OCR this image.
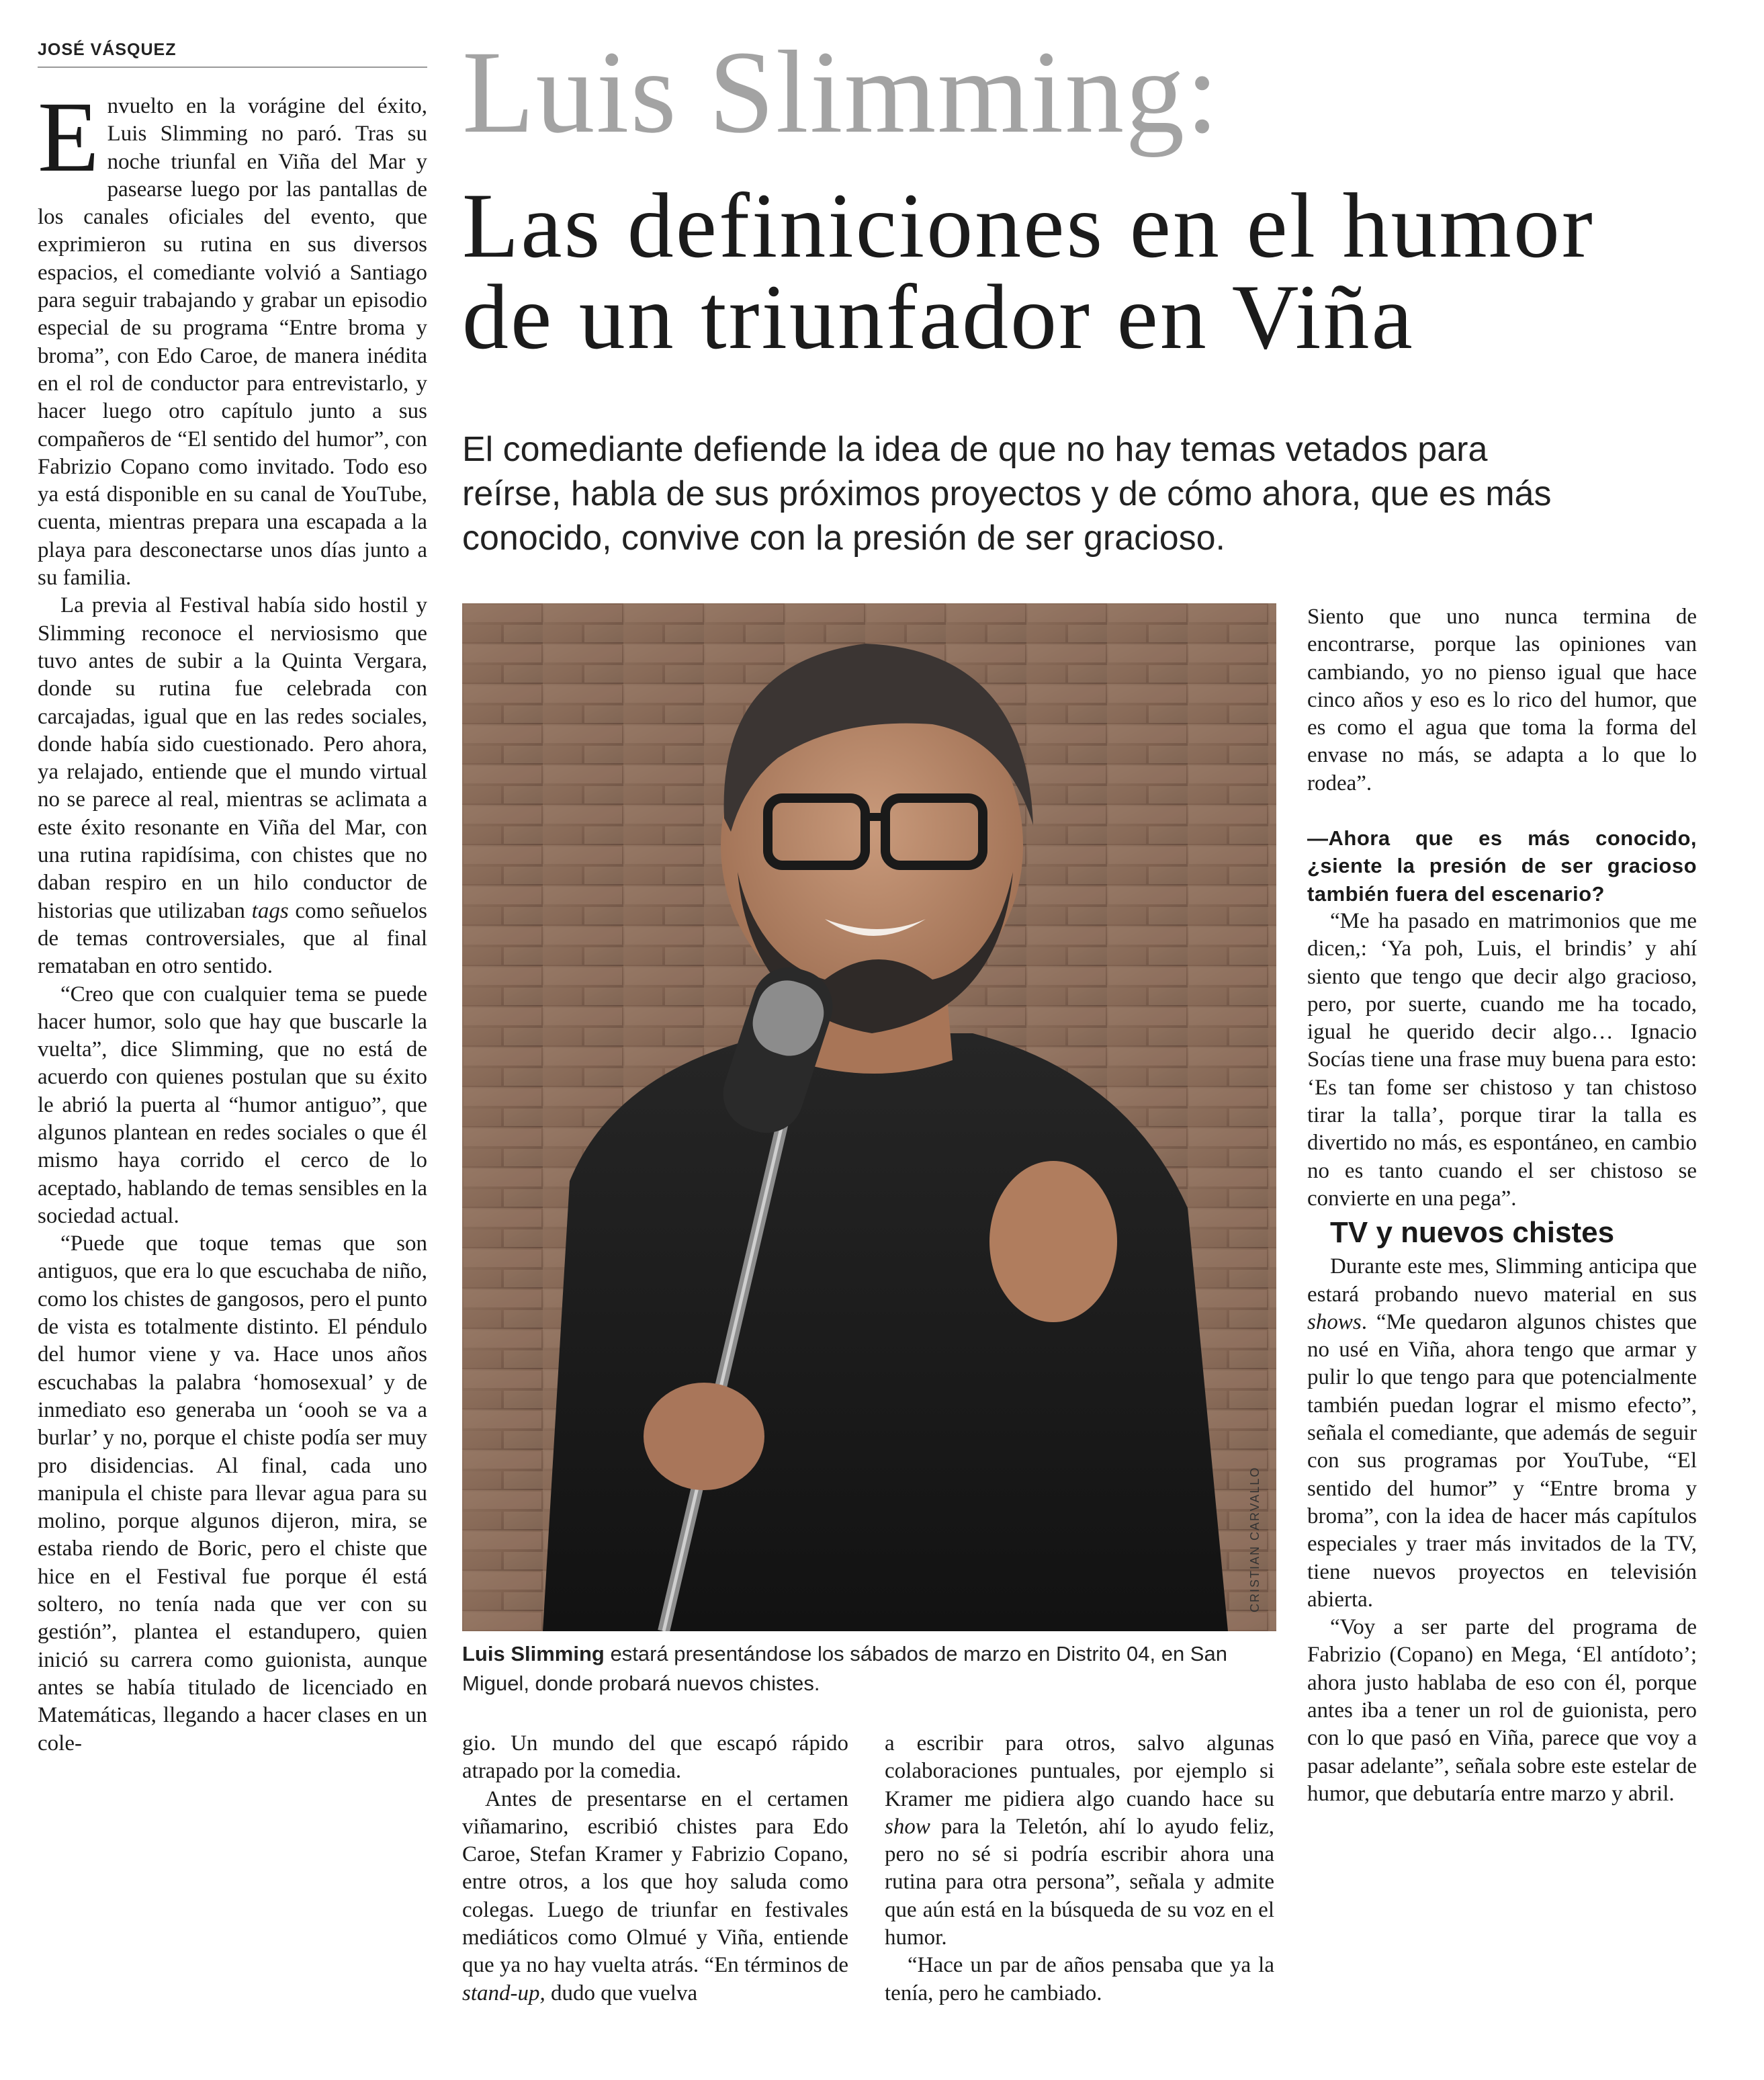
JOSÉ VÁSQUEZ	Luis Slimming:
Las definiciones en el humor
de un triunfador en Viña
El comediante defiende la idea de que no hay temas vetados para
reírse, habla de sus próximos proyectos y de cómo ahora, que es más
conocido, convive con la presión de ser gracioso.

Envuelto en la vorágine del éxito, Luis Slimming no paró. Tras su noche triunfal en Viña del Mar y pasearse luego por las pantallas de los canales oficiales del evento, que exprimieron su rutina en sus diversos espacios, el comediante volvió a Santiago para seguir trabajando y grabar un episodio especial de su programa “Entre broma y broma”, con Edo Caroe, de manera inédita en el rol de conductor para entrevistarlo, y hacer luego otro capítulo junto a sus compañeros de “El sentido del humor”, con Fabrizio Copano como invitado. Todo eso ya está disponible en su canal de YouTube, cuenta, mientras prepara una escapada a la playa para desconectarse unos días junto a su familia.

La previa al Festival había sido hostil y Slimming reconoce el nerviosismo que tuvo antes de subir a la Quinta Vergara, donde su rutina fue celebrada con carcajadas, igual que en las redes sociales, donde había sido cuestionado. Pero ahora, ya relajado, entiende que el mundo virtual no se parece al real, mientras se aclimata a este éxito resonante en Viña del Mar, con una rutina rapidísima, con chistes que no daban respiro en un hilo conductor de historias que utilizaban tags como señuelos de temas controversiales, que al final remataban en otro sentido.

“Creo que con cualquier tema se puede hacer humor, solo que hay que buscarle la vuelta”, dice Slimming, que no está de acuerdo con quienes postulan que su éxito le abrió la puerta al “humor antiguo”, que algunos plantean en redes sociales o que él mismo haya corrido el cerco de lo aceptado, hablando de temas sensibles en la sociedad actual.

“Puede que toque temas que son antiguos, que era lo que escuchaba de niño, como los chistes de gangosos, pero el punto de vista es totalmente distinto. El péndulo del humor viene y va. Hace unos años escuchabas la palabra ‘homosexual’ y de inmediato eso generaba un ‘oooh se va a burlar’ y no, porque el chiste podía ser muy pro disidencias. Al final, cada uno manipula el chiste para llevar agua para su molino, porque algunos dijeron, mira, se estaba riendo de Boric, pero el chiste que hice en el Festival fue porque él está soltero, no tenía nada que ver con su gestión”, plantea el estandupero, quien inició su carrera como guionista, aunque antes se había titulado de licenciado en Matemáticas, llegando a hacer clases en un cole-

CRISTIAN CARVALLO
Luis Slimming estará presentándose los sábados de marzo en Distrito 04, en San Miguel, donde probará nuevos chistes.

gio. Un mundo del que escapó rápido atrapado por la comedia.

Antes de presentarse en el certamen viñamarino, escribió chistes para Edo Caroe, Stefan Kramer y Fabrizio Copano, entre otros, a los que hoy saluda como colegas. Luego de triunfar en festivales mediáticos como Olmué y Viña, entiende que ya no hay vuelta atrás. “En términos de stand-up, dudo que vuelva

a escribir para otros, salvo algunas colaboraciones puntuales, por ejemplo si Kramer me pidiera algo cuando hace su show para la Teletón, ahí lo ayudo feliz, pero no sé si podría escribir ahora una rutina para otra persona”, señala y admite que aún está en la búsqueda de su voz en el humor.

“Hace un par de años pensaba que ya la tenía, pero he cambiado.

Siento que uno nunca termina de encontrarse, porque las opiniones van cambiando, yo no pienso igual que hace cinco años y eso es lo rico del humor, que es como el agua que toma la forma del envase no más, se adapta a lo que lo rodea”.

—Ahora que es más conocido, ¿siente la presión de ser gracioso también fuera del escenario?

“Me ha pasado en matrimonios que me dicen,: ‘Ya poh, Luis, el brindis’ y ahí siento que tengo que decir algo gracioso, pero, por suerte, cuando me ha tocado, igual he querido decir algo… Ignacio Socías tiene una frase muy buena para esto: ‘Es tan fome ser chistoso y tan chistoso tirar la talla’, porque tirar la talla es divertido no más, es espontáneo, en cambio no es tanto cuando el ser chistoso se convierte en una pega”.

TV y nuevos chistes

Durante este mes, Slimming anticipa que estará probando nuevo material en sus shows. “Me quedaron algunos chistes que no usé en Viña, ahora tengo que armar y pulir lo que tengo para que potencialmente también puedan lograr el mismo efecto”, señala el comediante, que además de seguir con sus programas por YouTube, “El sentido del humor” y “Entre broma y broma”, con la idea de hacer más capítulos especiales y traer más invitados de la TV, tiene nuevos proyectos en televisión abierta.

“Voy a ser parte del programa de Fabrizio (Copano) en Mega, ‘El antídoto’; ahora justo hablaba de eso con él, porque antes iba a tener un rol de guionista, pero con lo que pasó en Viña, parece que voy a pasar adelante”, señala sobre este estelar de humor, que debutaría entre marzo y abril.
